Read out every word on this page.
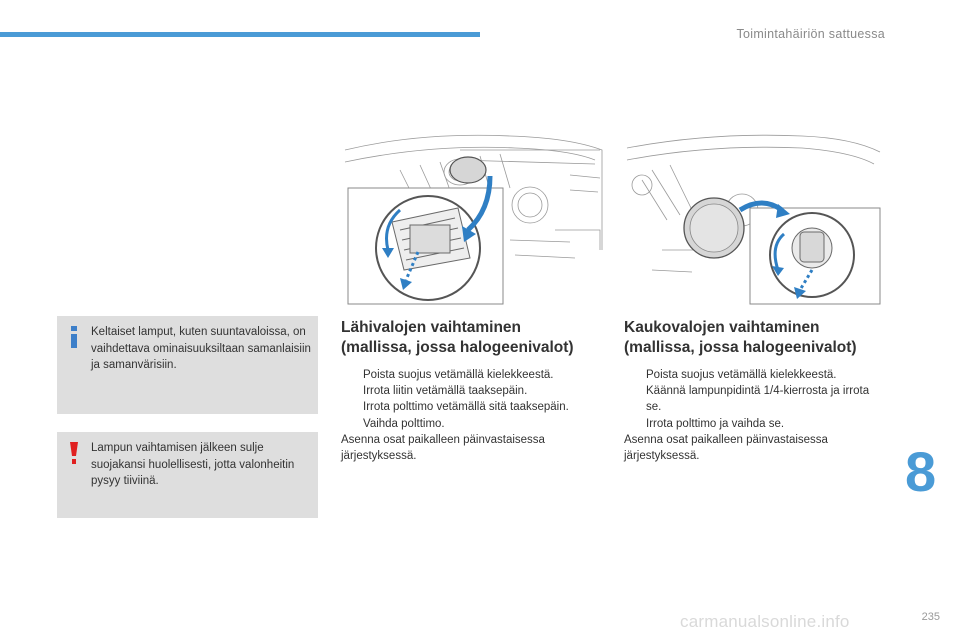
Toimintahäiriön sattuessa
Keltaiset lamput, kuten suuntavaloissa, on vaihdettava ominaisuuksiltaan samanlaisiin ja samanvärisiin.
Lampun vaihtamisen jälkeen sulje suojakansi huolellisesti, jotta valonheitin pysyy tiiviinä.
Lähivalojen vaihtaminen
(mallissa, jossa halogeenivalot)
Poista suojus vetämällä kielekkeestä.
Irrota liitin vetämällä taaksepäin.
Irrota polttimo vetämällä sitä taaksepäin.
Vaihda polttimo.

Asenna osat paikalleen päinvastaisessa
järjestyksessä.

Kaukovalojen vaihtaminen
(mallissa, jossa halogeenivalot)
Poista suojus vetämällä kielekkeestä.
Käännä lampunpidintä 1/4-kierrosta ja irrota se.
Irrota polttimo ja vaihda se.

Asenna osat paikalleen päinvastaisessa
järjestyksessä.	8
carmanualsonline.info	235
